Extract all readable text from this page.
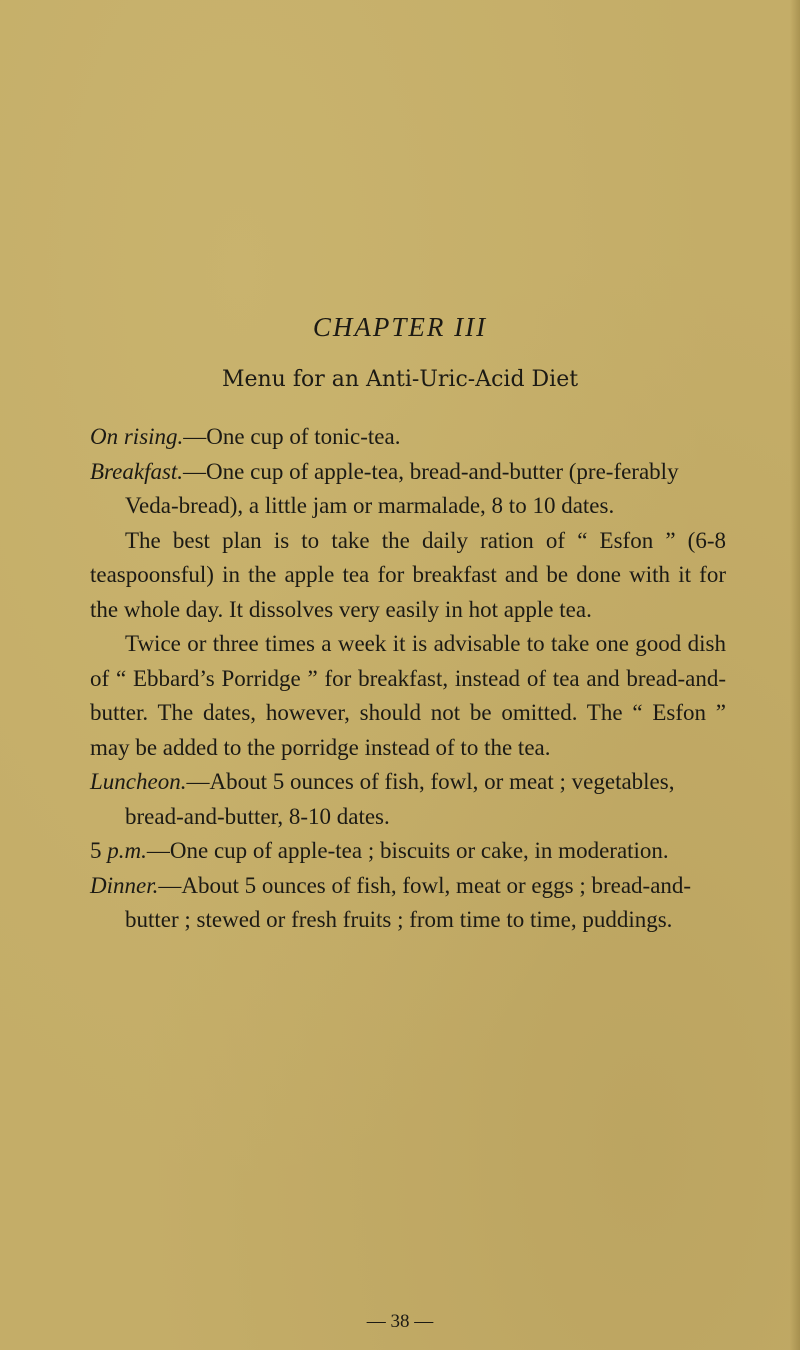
CHAPTER III
Menu for an Anti-Uric-Acid Diet

On rising.—One cup of tonic-tea.

Breakfast.—One cup of apple-tea, bread-and-butter (pre-ferably Veda-bread), a little jam or marmalade, 8 to 10 dates.

The best plan is to take the daily ration of “ Esfon ” (6-8 teaspoonsful) in the apple tea for breakfast and be done with it for the whole day. It dissolves very easily in hot apple tea.

Twice or three times a week it is advisable to take one good dish of “ Ebbard’s Porridge ” for breakfast, instead of tea and bread-and-butter. The dates, however, should not be omitted. The “ Esfon ” may be added to the porridge instead of to the tea.

Luncheon.—About 5 ounces of fish, fowl, or meat ; vegetables, bread-and-butter, 8-10 dates.

5 p.m.—One cup of apple-tea ; biscuits or cake, in moderation.

Dinner.—About 5 ounces of fish, fowl, meat or eggs ; bread-and-butter ; stewed or fresh fruits ; from time to time, puddings.

— 38 —
